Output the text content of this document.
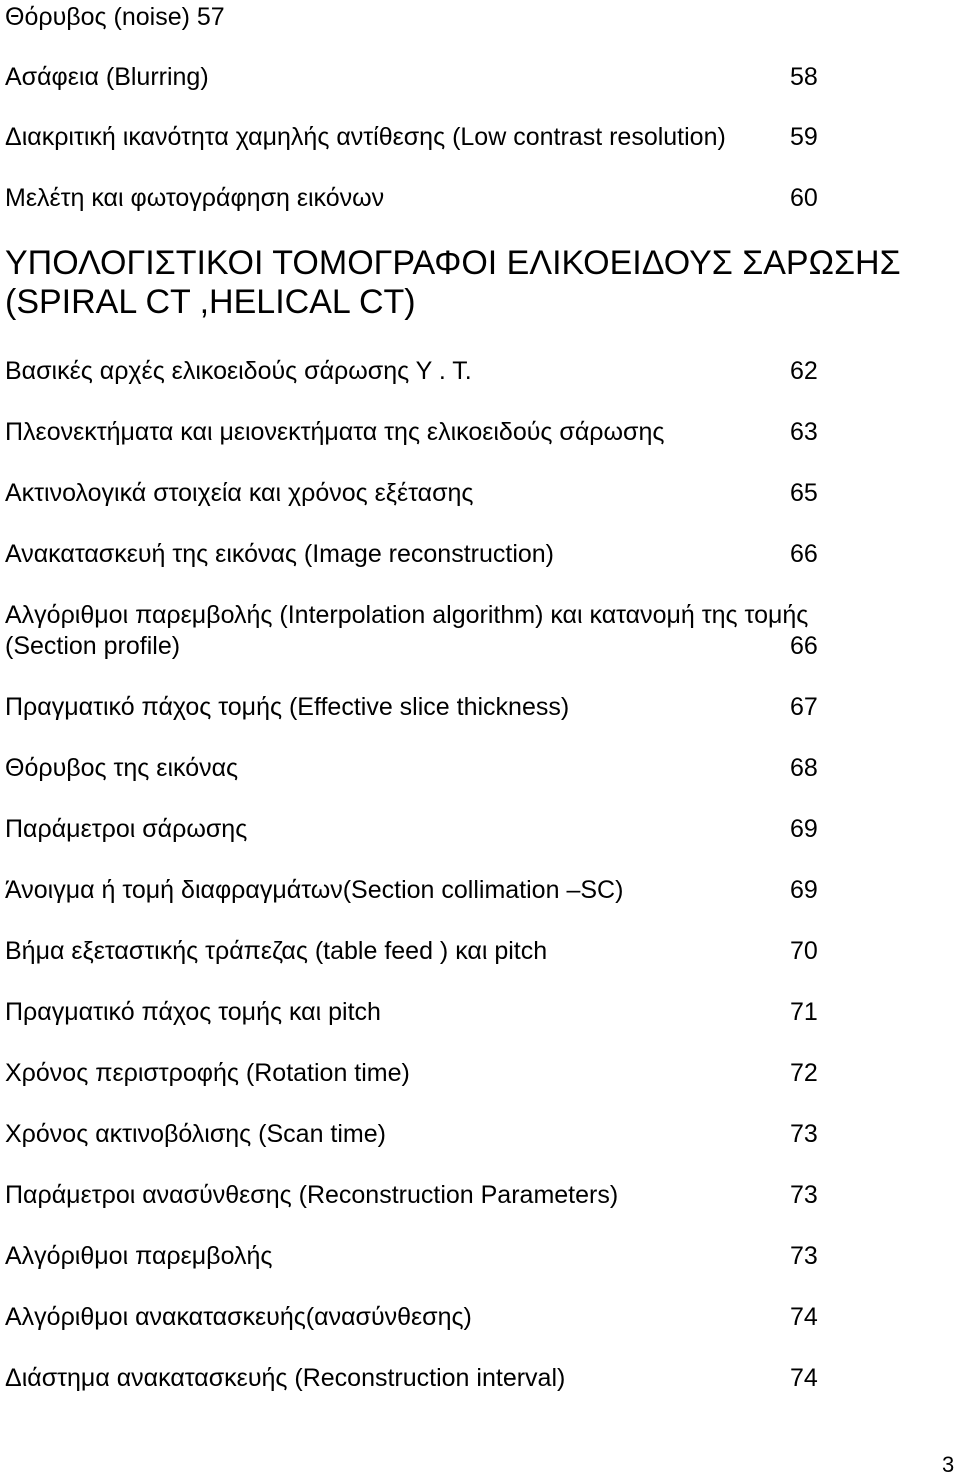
Θόρυβος (noise) 57
Ασάφεια (Blurring)	58
Διακριτική ικανότητα χαμηλής αντίθεσης (Low contrast resolution)	59
Μελέτη και φωτογράφηση εικόνων	60
ΥΠΟΛΟΓΙΣΤΙΚΟΙ ΤΟΜΟΓΡΑΦΟΙ ΕΛΙΚΟΕΙΔΟΥΣ ΣΑΡΩΣΗΣ
(SPIRAL CT ,HELICAL CT)
Βασικές αρχές ελικοειδούς σάρωσης Υ . Τ.	62
Πλεονεκτήματα και μειονεκτήματα της ελικοειδούς σάρωσης	63
Ακτινολογικά στοιχεία και χρόνος εξέτασης	65
Ανακατασκευή της εικόνας (Image reconstruction)	66
Αλγόριθμοι παρεμβολής (Interpolation algorithm) και κατανομή της τομής
(Section profile)	66
Πραγματικό πάχος τομής (Effective slice thickness)	67
Θόρυβος της εικόνας	68
Παράμετροι σάρωσης	69
Άνοιγμα ή τομή διαφραγμάτων(Section collimation –SC)	69
Βήμα εξεταστικής τράπεζας (table feed ) και pitch	70
Πραγματικό πάχος τομής και pitch	71
Χρόνος περιστροφής (Rotation time)	72
Χρόνος ακτινοβόλισης (Scan time)	73
Παράμετροι ανασύνθεσης (Reconstruction Parameters)	73
Αλγόριθμοι παρεμβολής	73
Αλγόριθμοι ανακατασκευής(ανασύνθεσης)	74
Διάστημα ανακατασκευής (Reconstruction interval)	74
3
